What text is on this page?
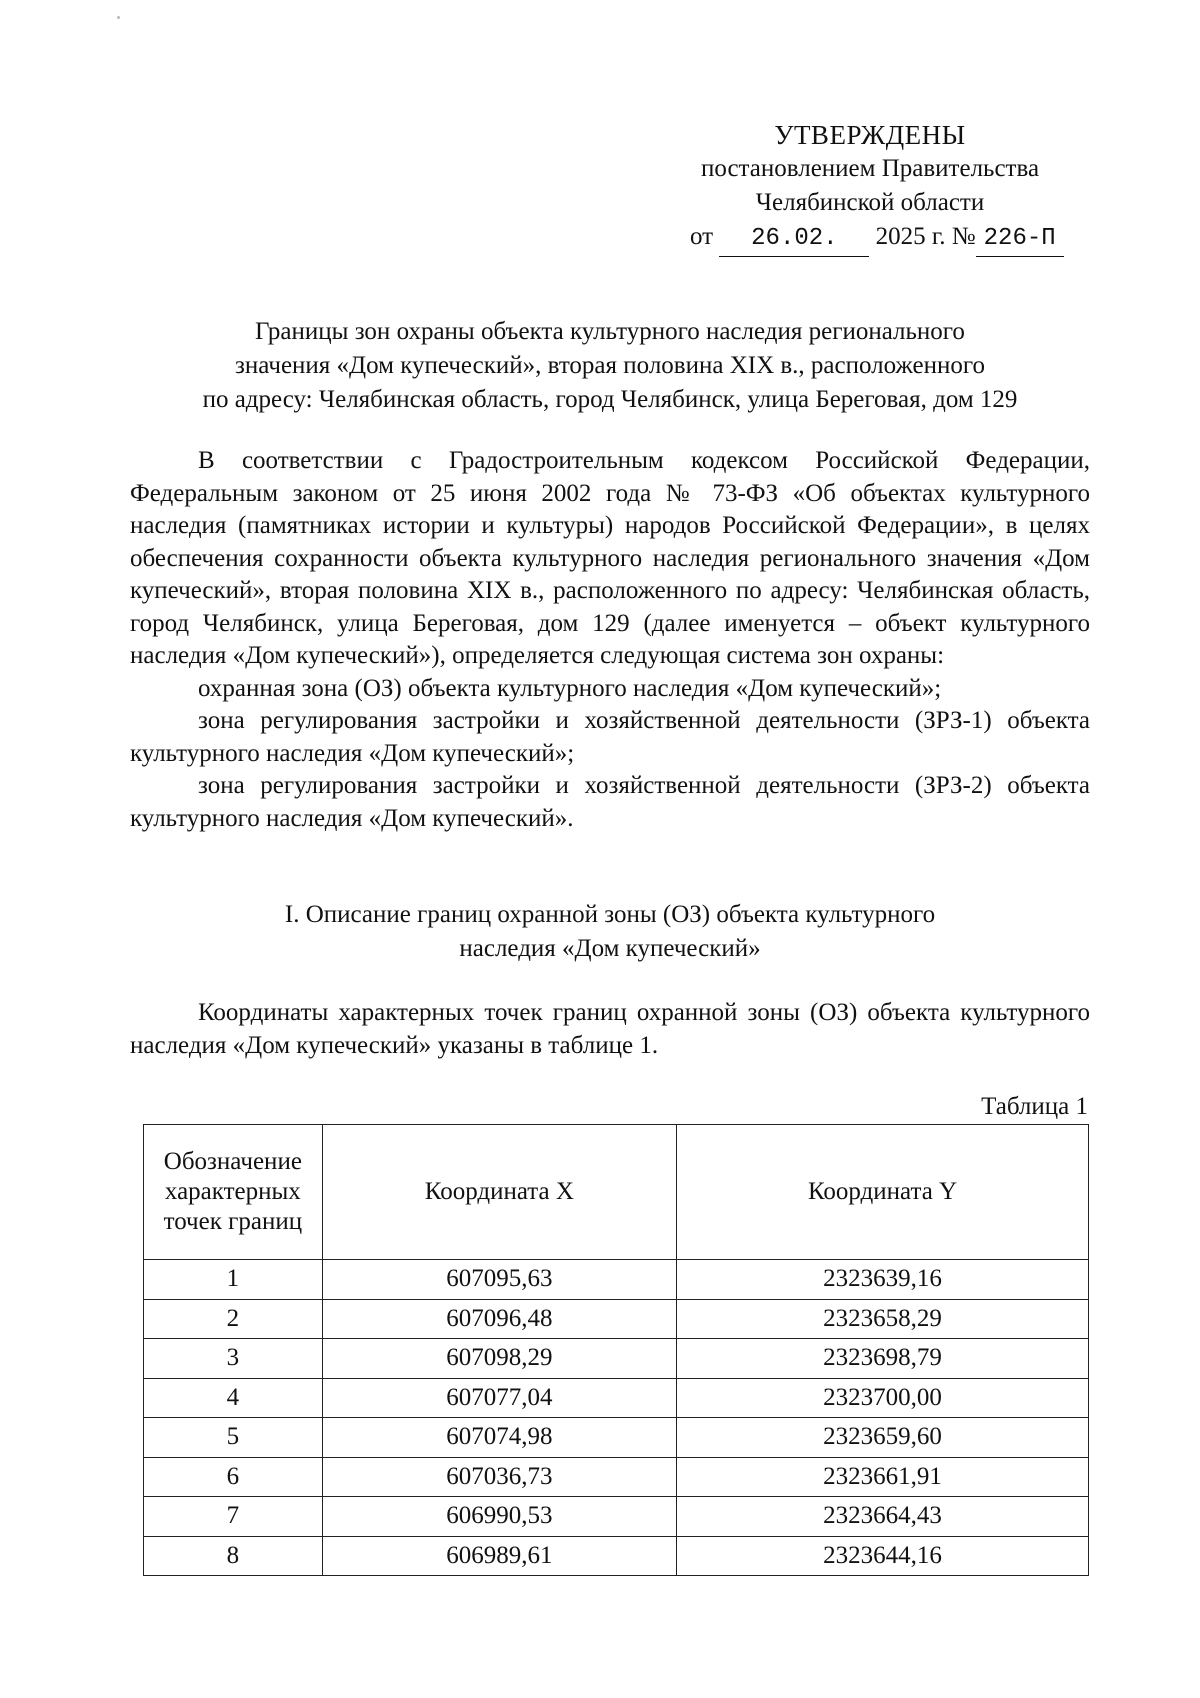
УТВЕРЖДЕНЫ
постановлением Правительства
Челябинской области
от 26.02. 2025 г. № 226-П
Границы зон охраны объекта культурного наследия регионального
значения «Дом купеческий», вторая половина XIX в., расположенного
по адресу: Челябинская область, город Челябинск, улица Береговая, дом 129

В соответствии с Градостроительным кодексом Российской Федерации, Федеральным законом от 25 июня 2002 года № 73-ФЗ «Об объектах культурного наследия (памятниках истории и культуры) народов Российской Федерации», в целях обеспечения сохранности объекта культурного наследия регионального значения «Дом купеческий», вторая половина XIX в., расположенного по адресу: Челябинская область, город Челябинск, улица Береговая, дом 129 (далее именуется – объект культурного наследия «Дом купеческий»), определяется следующая система зон охраны:

охранная зона (ОЗ) объекта культурного наследия «Дом купеческий»;

зона регулирования застройки и хозяйственной деятельности (ЗРЗ-1) объекта культурного наследия «Дом купеческий»;

зона регулирования застройки и хозяйственной деятельности (ЗРЗ-2) объекта культурного наследия «Дом купеческий».

I. Описание границ охранной зоны (ОЗ) объекта культурного
наследия «Дом купеческий»
Координаты характерных точек границ охранной зоны (ОЗ) объекта культурного наследия «Дом купеческий» указаны в таблице 1.
Таблица 1
Обозначение характерных точек границ	Координата X	Координата Y
1	607095,63	2323639,16
2	607096,48	2323658,29
3	607098,29	2323698,79
4	607077,04	2323700,00
5	607074,98	2323659,60
6	607036,73	2323661,91
7	606990,53	2323664,43
8	606989,61	2323644,16
